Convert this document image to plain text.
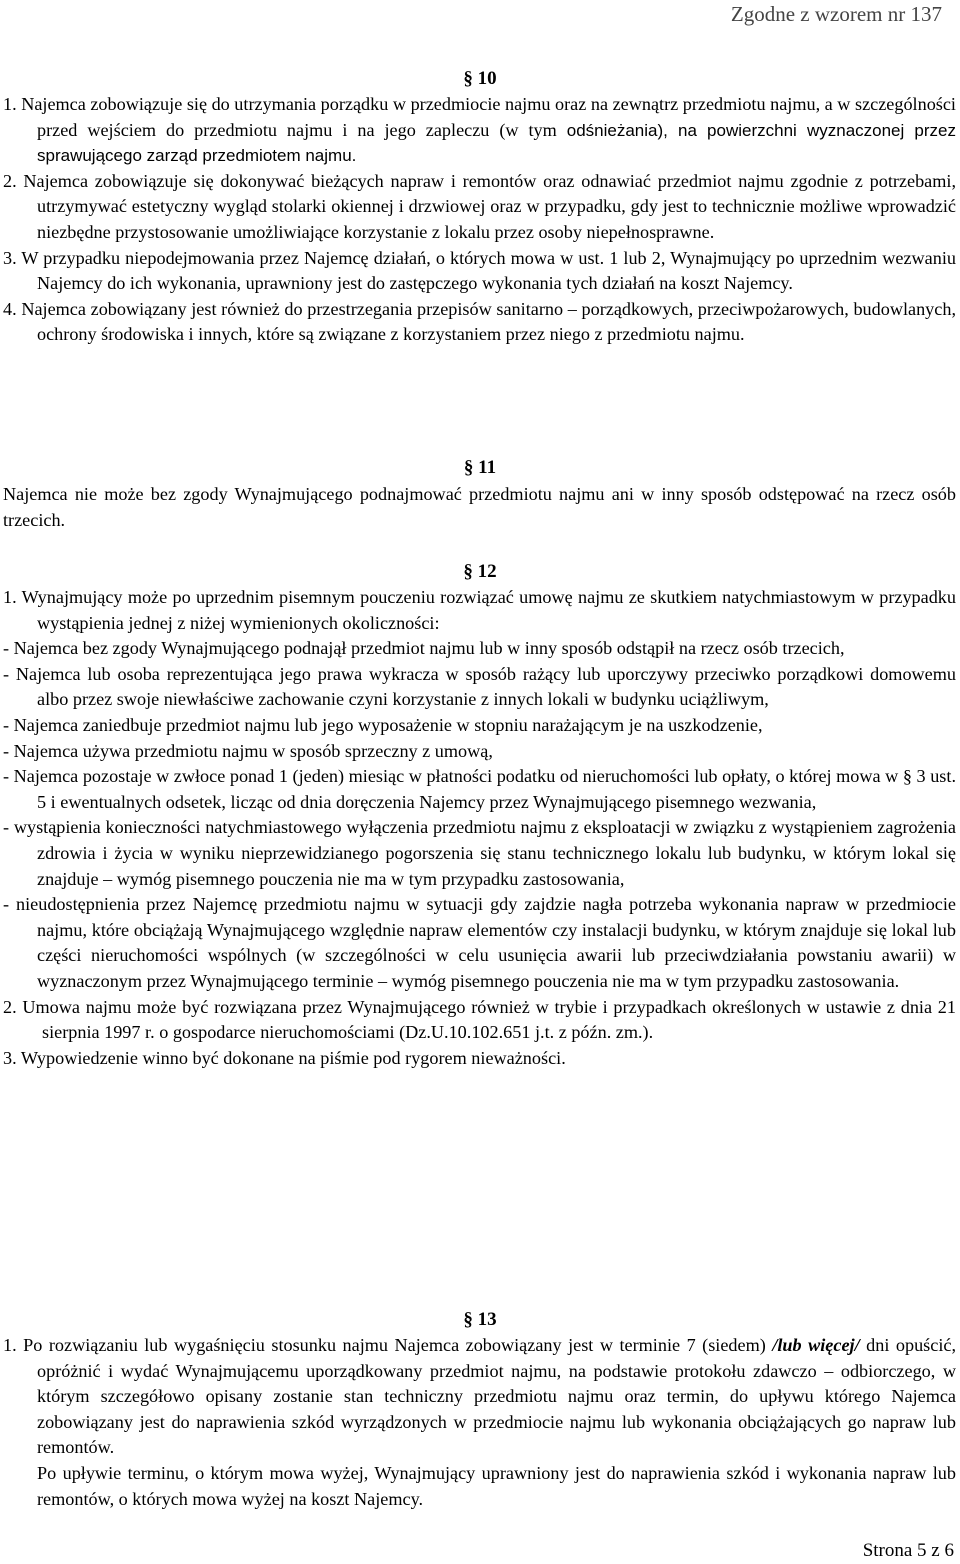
Zgodne z wzorem nr 137
§ 10

1. Najemca zobowiązuje się do utrzymania porządku w przedmiocie najmu oraz na zewnątrz przedmiotu najmu, a w szczególności przed wejściem do przedmiotu najmu i na jego zapleczu (w tym odśnieżania), na powierzchni wyznaczonej przez sprawującego zarząd przedmiotem najmu.

2. Najemca zobowiązuje się dokonywać bieżących napraw i remontów oraz odnawiać przedmiot najmu zgodnie z potrzebami, utrzymywać estetyczny wygląd stolarki okiennej i drzwiowej oraz w przypadku, gdy jest to technicznie możliwe wprowadzić niezbędne przystosowanie umożliwiające korzystanie z lokalu przez osoby niepełnosprawne.

3. W przypadku niepodejmowania przez Najemcę działań, o których mowa w ust. 1 lub 2, Wynajmujący po uprzednim wezwaniu Najemcy do ich wykonania, uprawniony jest do zastępczego wykonania tych działań na koszt Najemcy.

4. Najemca zobowiązany jest również do przestrzegania przepisów sanitarno – porządkowych, przeciwpożarowych, budowlanych, ochrony środowiska i innych, które są związane z korzystaniem przez niego z przedmiotu najmu.

§ 11

Najemca nie może bez zgody Wynajmującego podnajmować przedmiotu najmu ani w inny sposób odstępować na rzecz osób trzecich.

§ 12

1. Wynajmujący może po uprzednim pisemnym pouczeniu rozwiązać umowę najmu ze skutkiem natychmiastowym w przypadku wystąpienia jednej z niżej wymienionych okoliczności:

- Najemca bez zgody Wynajmującego podnajął przedmiot najmu lub w inny sposób odstąpił na rzecz osób trzecich,

- Najemca lub osoba reprezentująca jego prawa wykracza w sposób rażący lub uporczywy przeciwko porządkowi domowemu albo przez swoje niewłaściwe zachowanie czyni korzystanie z innych lokali w budynku uciążliwym,

- Najemca zaniedbuje przedmiot najmu lub jego wyposażenie w stopniu narażającym je na uszkodzenie,

- Najemca używa przedmiotu najmu w sposób sprzeczny z umową,

- Najemca pozostaje w zwłoce ponad 1 (jeden) miesiąc w płatności podatku od nieruchomości lub opłaty, o której mowa w § 3 ust. 5 i ewentualnych odsetek, licząc od dnia doręczenia Najemcy przez Wynajmującego pisemnego wezwania,

- wystąpienia konieczności natychmiastowego wyłączenia przedmiotu najmu z eksploatacji w związku z wystąpieniem zagrożenia zdrowia i życia w wyniku nieprzewidzianego pogorszenia się stanu technicznego lokalu lub budynku, w którym lokal się znajduje – wymóg pisemnego pouczenia nie ma w tym przypadku zastosowania,

- nieudostępnienia przez Najemcę przedmiotu najmu w sytuacji gdy zajdzie nagła potrzeba wykonania napraw w przedmiocie najmu, które obciążają Wynajmującego względnie napraw elementów czy instalacji budynku, w którym znajduje się lokal lub części nieruchomości wspólnych (w szczególności w celu usunięcia awarii lub przeciwdziałania powstaniu awarii) w wyznaczonym przez Wynajmującego terminie – wymóg pisemnego pouczenia nie ma w tym przypadku zastosowania.

2. Umowa najmu może być rozwiązana przez Wynajmującego również w trybie i przypadkach określonych w ustawie z dnia 21 sierpnia 1997 r. o gospodarce nieruchomościami (Dz.U.10.102.651 j.t. z późn. zm.).

3. Wypowiedzenie winno być dokonane na piśmie pod rygorem nieważności.

§ 13

1. Po rozwiązaniu lub wygaśnięciu stosunku najmu Najemca zobowiązany jest w terminie 7 (siedem) /lub więcej/ dni opuścić, opróżnić i wydać Wynajmującemu uporządkowany przedmiot najmu, na podstawie protokołu zdawczo – odbiorczego, w którym szczegółowo opisany zostanie stan techniczny przedmiotu najmu oraz termin, do upływu którego Najemca zobowiązany jest do naprawienia szkód wyrządzonych w przedmiocie najmu lub wykonania obciążających go napraw lub remontów.

Po upływie terminu, o którym mowa wyżej, Wynajmujący uprawniony jest do naprawienia szkód i wykonania napraw lub remontów, o których mowa wyżej na koszt Najemcy.

Strona 5 z 6
